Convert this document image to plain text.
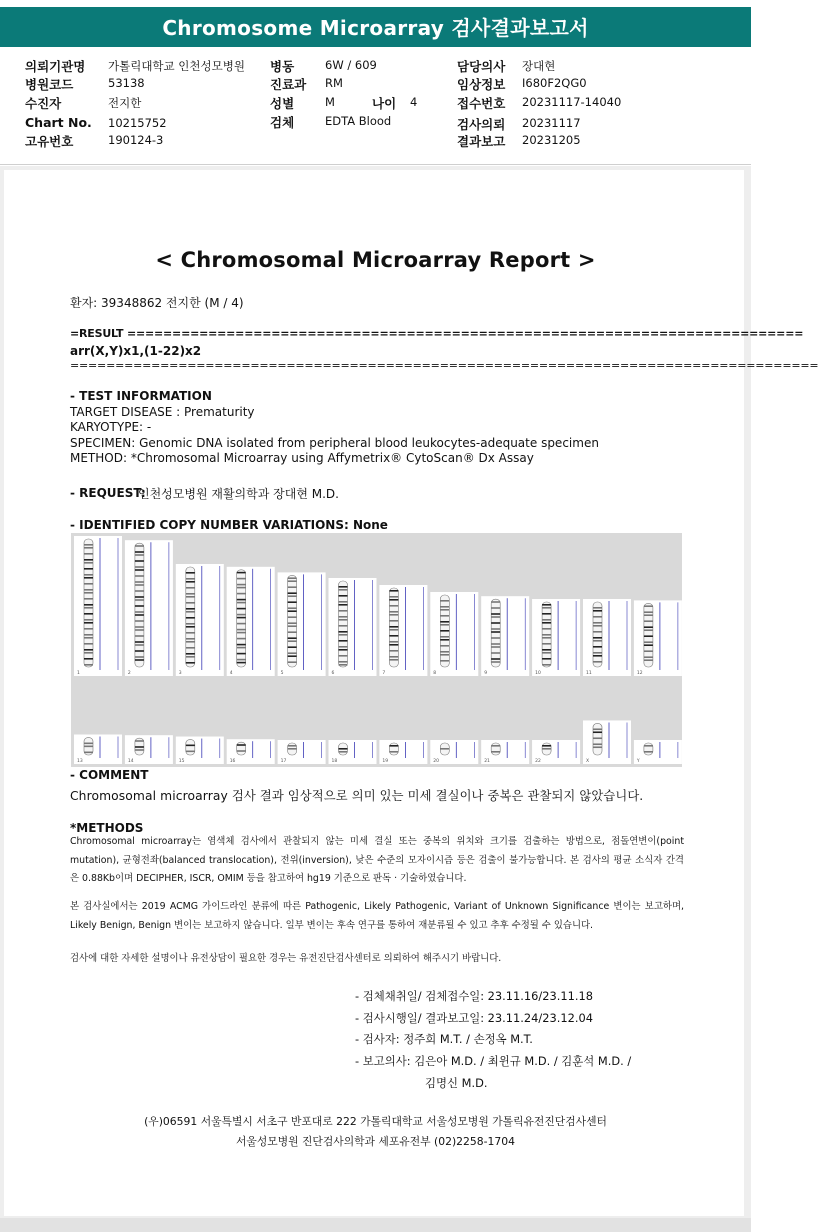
Chromosome Microarray 검사결과보고서
의뢰기관명 가톨릭대학교 인천성모병원
병원코드	53138
수진자	전지한
Chart No. 10215752
고유번호	190124-3
병동	6W / 609
진료과 RM
성별	M	나이 4
검체	EDTA Blood
담당의사 장대현
임상정보 I680F2QG0
접수번호 20231117-14040
검사의뢰 20231117
결과보고 20231205
< Chromosomal Microarray Report >
환자: 39348862 전지한 (M / 4)
=RESULT ===========================================================================
arr(X,Y)x1,(1-22)x2
===================================================================================
- TEST INFORMATION
TARGET DISEASE : Prematurity
KARYOTYPE: -
SPECIMEN: Genomic DNA isolated from peripheral blood leukocytes-adequate specimen
METHOD: *Chromosomal Microarray using Affymetrix® CytoScan® Dx Assay
- REQUEST:
인천성모병원 재활의학과 장대현 M.D.
- IDENTIFIED COPY NUMBER VARIATIONS: None
1	2	3	4	5	6	7	8	9	10	11	12
13	14	15	16	17	18	19	20	21	22	X	Y
- COMMENT
Chromosomal microarray 검사 결과 임상적으로 의미 있는 미세 결실이나 중복은 관찰되지 않았습니다.
*METHODS
Chromosomal microarray는 염색체 검사에서 관찰되지 않는 미세 결실 또는 중복의 위치와 크기를 검출하는 방법으로, 점돌연변이(point mutation), 균형전좌(balanced translocation), 전위(inversion), 낮은 수준의 모자이시즘 등은 검출이 불가능합니다. 본 검사의 평균 소식자 간격은 0.88Kb이며 DECIPHER, ISCR, OMIM 등을 참고하여 hg19 기준으로 판독 · 기술하였습니다.
본 검사실에서는 2019 ACMG 가이드라인 분류에 따른 Pathogenic, Likely Pathogenic, Variant of Unknown Significance 변이는 보고하며, Likely Benign, Benign 변이는 보고하지 않습니다. 일부 변이는 후속 연구를 통하여 재분류될 수 있고 추후 수정될 수 있습니다.
검사에 대한 자세한 설명이나 유전상담이 필요한 경우는 유전진단검사센터로 의뢰하여 해주시기 바랍니다.
- 검체채취일/ 검체접수일: 23.11.16/23.11.18
- 검사시행일/ 결과보고일: 23.11.24/23.12.04
- 검사자: 정주희 M.T. / 손정옥 M.T.
- 보고의사: 김은아 M.D. / 최윈규 M.D. / 김훈석 M.D. /
김명신 M.D.
(우)06591 서울특별시 서초구 반포대로 222 가톨릭대학교 서울성모병원 가톨릭유전진단검사센터
서울성모병원 진단검사의학과 세포유전부 (02)2258-1704
